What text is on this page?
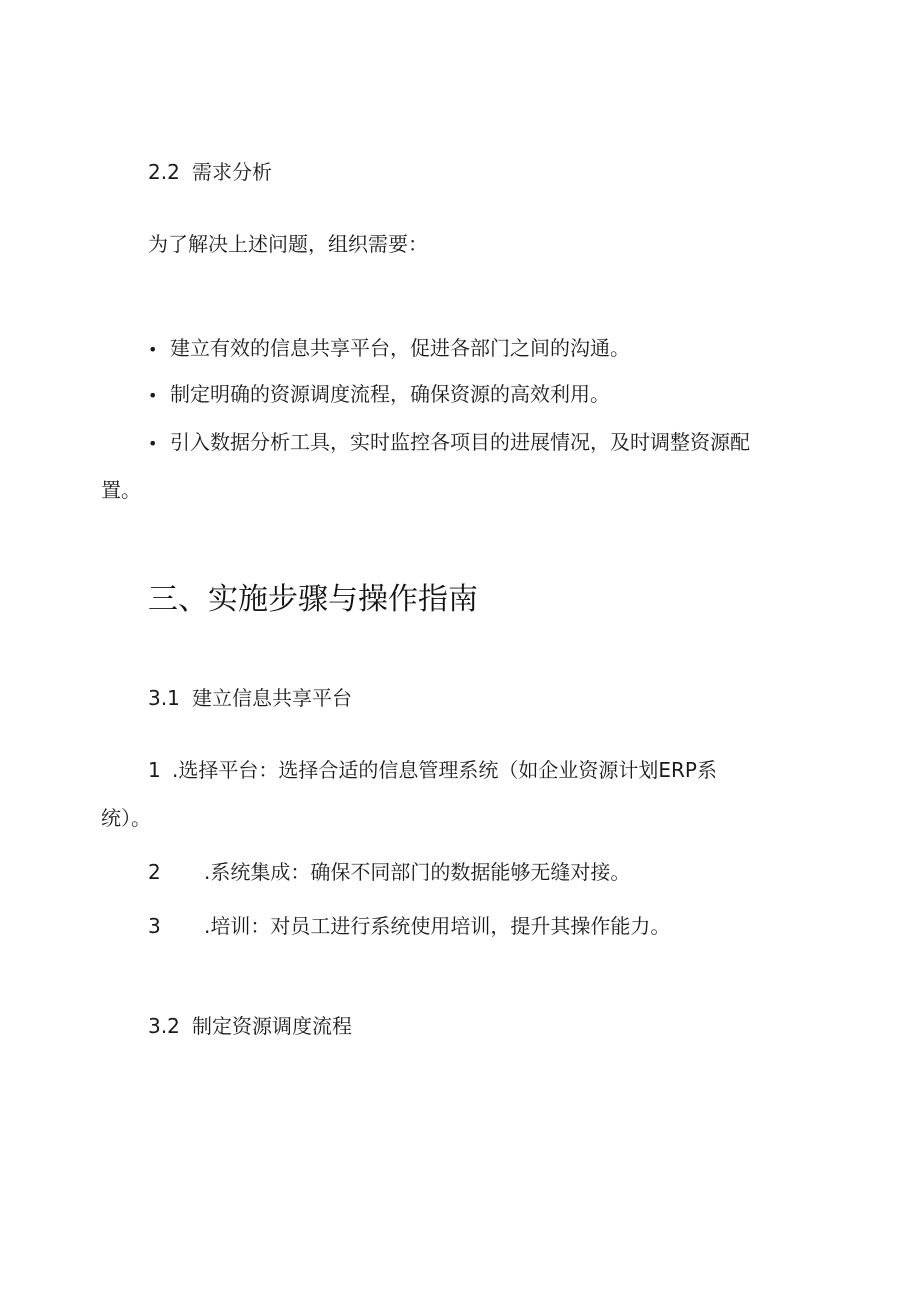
2.2 需求分析
为了解决上述问题，组织需要：
• 建立有效的信息共享平台，促进各部门之间的沟通。
• 制定明确的资源调度流程，确保资源的高效利用。
• 引入数据分析工具，实时监控各项目的进展情况，及时调整资源配
置。
三、实施步骤与操作指南
3.1 建立信息共享平台
1 .选择平台：选择合适的信息管理系统（如企业资源计划ERP系
统）。
2 .系统集成：确保不同部门的数据能够无缝对接。
3 .培训：对员工进行系统使用培训，提升其操作能力。
3.2 制定资源调度流程
